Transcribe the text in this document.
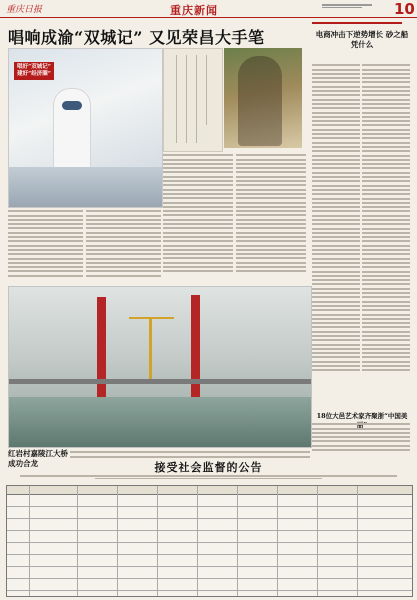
重庆日报	重庆新闻	10
唱响成渝“双城记” 又见荣昌大手笔
唱好“双城记” 建好“经济圈”
红岩村嘉陵江大桥成功合龙
电商冲击下逆势增长 砂之船凭什么
18位大邑艺术家齐聚浙“中国美
接受社会监督的公告
